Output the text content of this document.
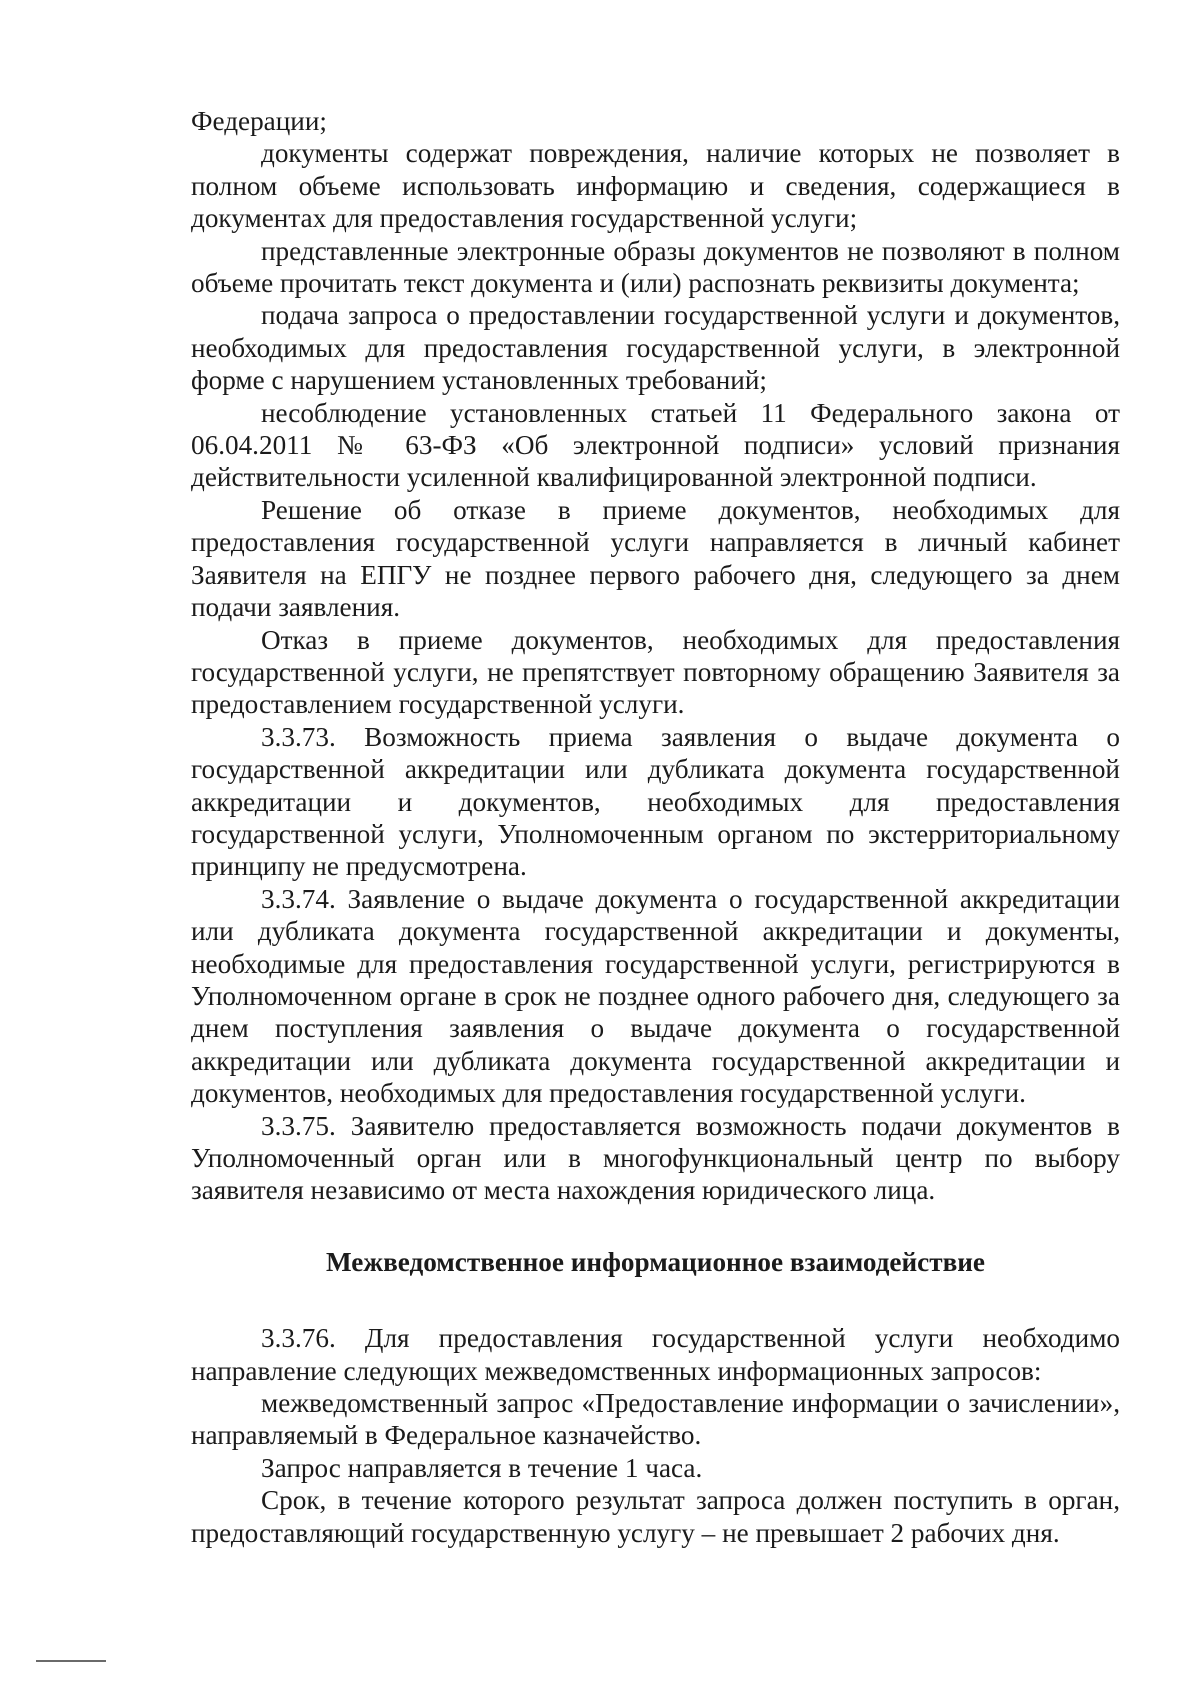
Федерации;

документы содержат повреждения, наличие которых не позволяет в полном объеме использовать информацию и сведения, содержащиеся в документах для предоставления государственной услуги;

представленные электронные образы документов не позволяют в полном объеме прочитать текст документа и (или) распознать реквизиты документа;

подача запроса о предоставлении государственной услуги и документов, необходимых для предоставления государственной услуги, в электронной форме с нарушением установленных требований;

несоблюдение установленных статьей 11 Федерального закона от 06.04.2011 № 63-ФЗ «Об электронной подписи» условий признания действительности усиленной квалифицированной электронной подписи.

Решение об отказе в приеме документов, необходимых для предоставления государственной услуги направляется в личный кабинет Заявителя на ЕПГУ не позднее первого рабочего дня, следующего за днем подачи заявления.

Отказ в приеме документов, необходимых для предоставления государственной услуги, не препятствует повторному обращению Заявителя за предоставлением государственной услуги.

3.3.73. Возможность приема заявления о выдаче документа о государственной аккредитации или дубликата документа государственной аккредитации и документов, необходимых для предоставления государственной услуги, Уполномоченным органом по экстерриториальному принципу не предусмотрена.

3.3.74. Заявление о выдаче документа о государственной аккредитации или дубликата документа государственной аккредитации и документы, необходимые для предоставления государственной услуги, регистрируются в Уполномоченном органе в срок не позднее одного рабочего дня, следующего за днем поступления заявления о выдаче документа о государственной аккредитации или дубликата документа государственной аккредитации и документов, необходимых для предоставления государственной услуги.

3.3.75. Заявителю предоставляется возможность подачи документов в Уполномоченный орган или в многофункциональный центр по выбору заявителя независимо от места нахождения юридического лица.

Межведомственное информационное взаимодействие

3.3.76. Для предоставления государственной услуги необходимо направление следующих межведомственных информационных запросов:

межведомственный запрос «Предоставление информации о зачислении», направляемый в Федеральное казначейство.

Запрос направляется в течение 1 часа.

Срок, в течение которого результат запроса должен поступить в орган, предоставляющий государственную услугу – не превышает 2 рабочих дня.
